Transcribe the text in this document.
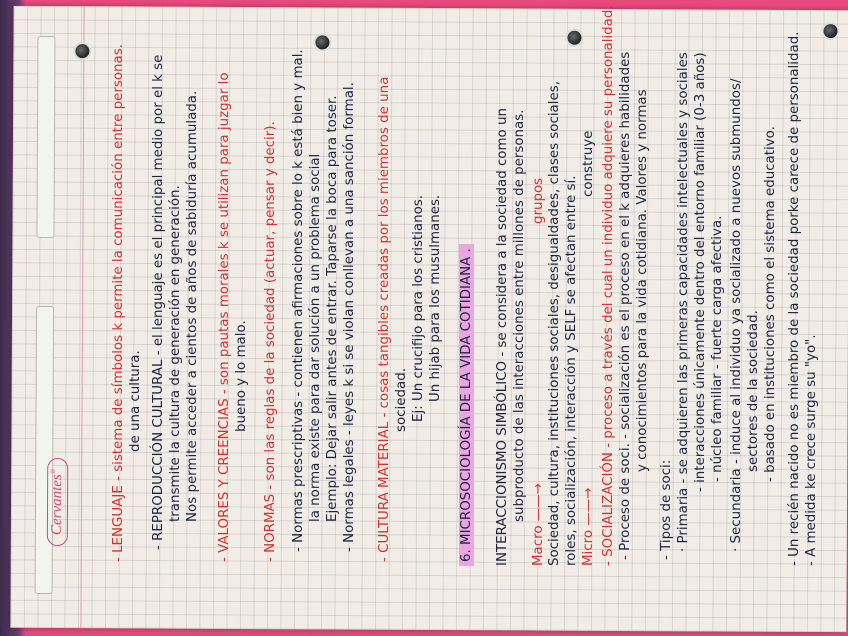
Cervantes®	- LENGUAJE - sistema de símbolos k permite la comunicación entre personas. de una cultura. - REPRODUCCIÓN CULTURAL - el lenguaje es el principal medio por el k se transmite la cultura de generación en generación. Nos permite acceder a cientos de años de sabiduría acumulada. - VALORES Y CREENCIAS - son pautas morales k se utilizan para juzgar lo bueno y lo malo. - NORMAS - son las reglas de la sociedad (actuar, pensar y decir). - Normas prescriptivas - contienen afirmaciones sobre lo k está bien y mal. la norma existe para dar solución a un problema social Ejemplo: Dejar salir antes de entrar. Taparse la boca para toser. - Normas legales - leyes k si se violan conllevan a una sanción formal. - CULTURA MATERIAL - cosas tangibles creadas por los miembros de una sociedad. Ej: Un crucifijo para los cristianos. Un hijab para los musulmanes. 6. MICROSOCIOLOGÍA DE LA VIDA COTIDIANA . INTERACCIONISMO SIMBÓLICO - se considera a la sociedad como un subproducto de las interacciones entre millones de personas.
Macro ——→
grupos Sociedad, cultura, instituciones sociales, desigualdades, clases sociales, roles, socialización, interacción y SELF se afectan entre sí. Micro ——→
construye - SOCIALIZACIÓN - proceso a través del cual un individuo adquiere su personalidad. - Proceso de soci. - socialización es el proceso en el k adquieres habilidades y conocimientos para la vida cotidiana. Valores y normas
- Tipos de soci: · Primaria - se adquieren las primeras capacidades intelectuales y sociales - interacciones únicamente dentro del entorno familiar (0-3 años) - núcleo familiar - fuerte carga afectiva. · Secundaria - induce al individuo ya socializado a nuevos submundos/ sectores de la sociedad. - basado en instituciones como el sistema educativo. - Un recién nacido no es miembro de la sociedad porke carece de personalidad. - A medida ke crece surge su "yo".
